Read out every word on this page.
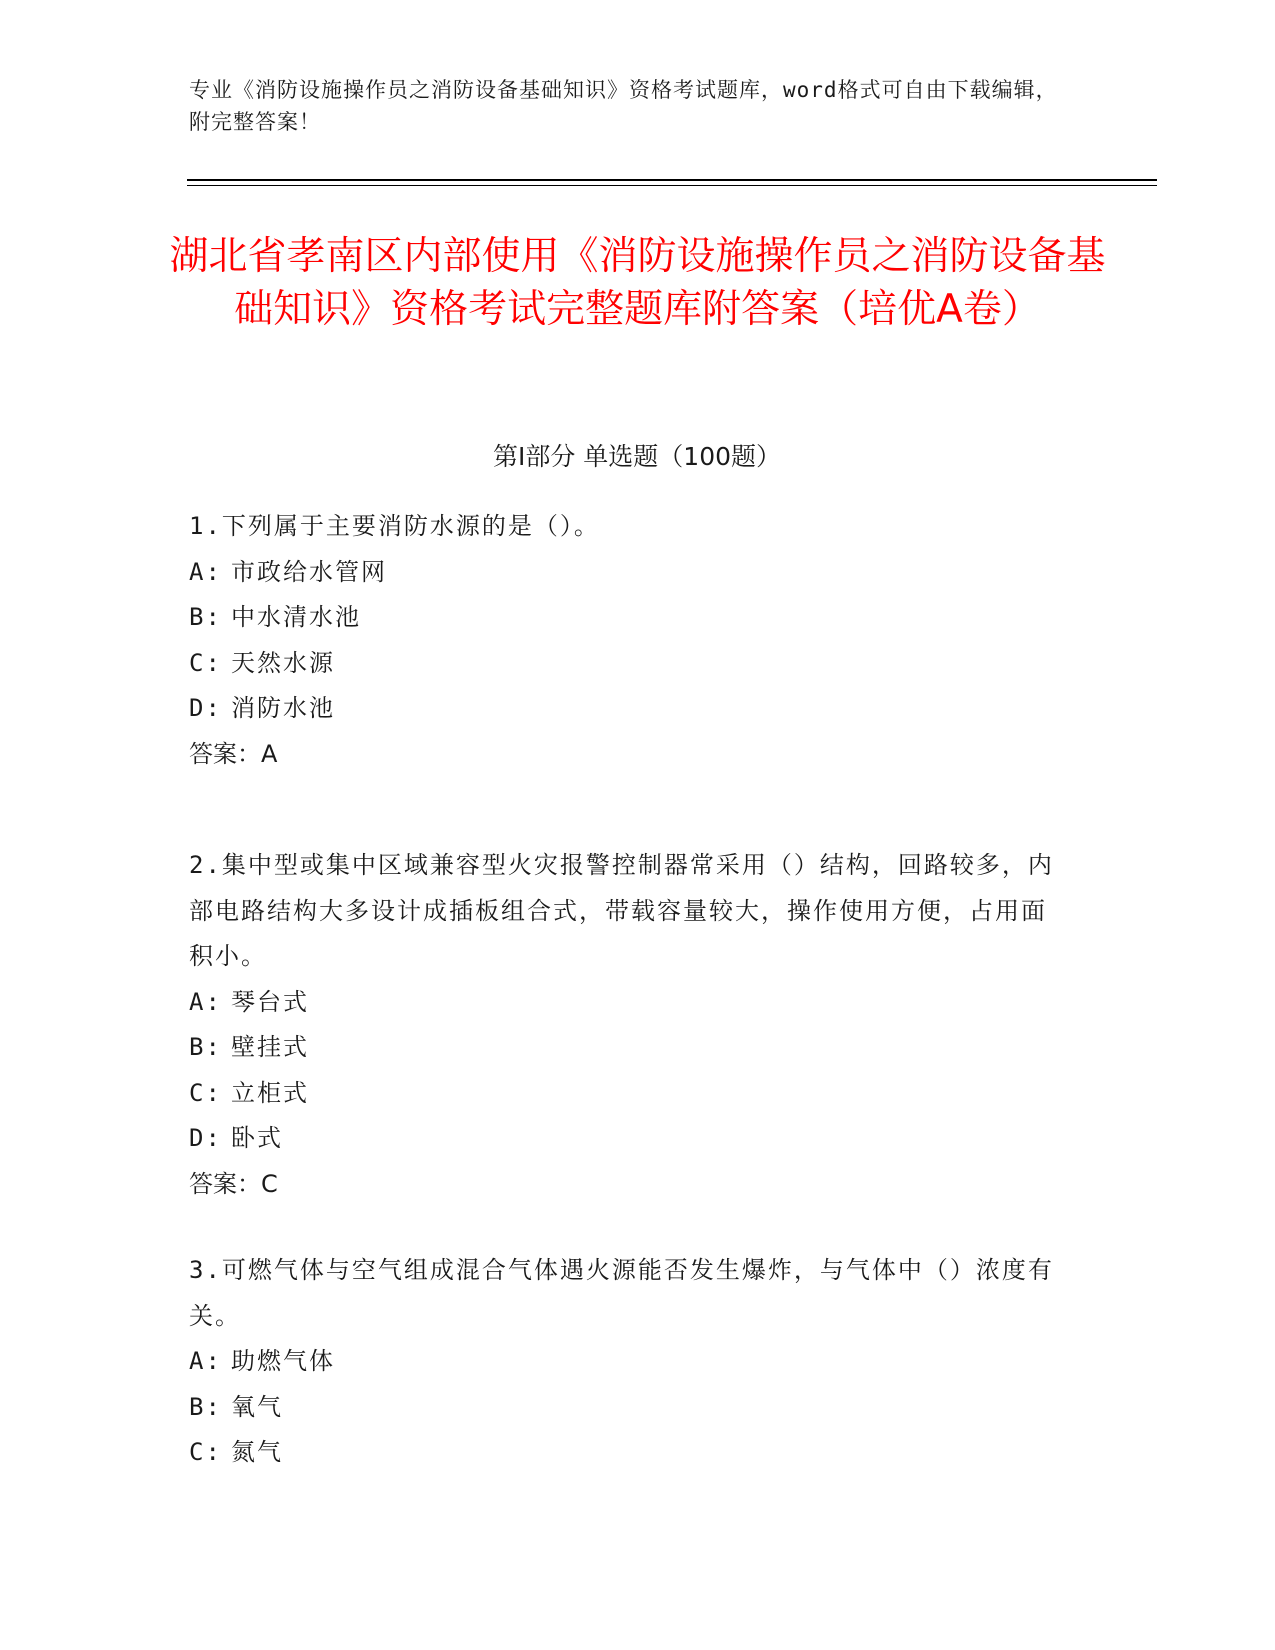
专业《消防设施操作员之消防设备基础知识》资格考试题库，word格式可自由下载编辑，附完整答案！
湖北省孝南区内部使用《消防设施操作员之消防设备基础知识》资格考试完整题库附答案（培优A卷）
第I部分 单选题（100题）
1.下列属于主要消防水源的是（）。
A: 市政给水管网
B: 中水清水池
C: 天然水源
D: 消防水池
答案：A
2.集中型或集中区域兼容型火灾报警控制器常采用（）结构，回路较多，内部电路结构大多设计成插板组合式，带载容量较大，操作使用方便，占用面积小。
A: 琴台式
B: 壁挂式
C: 立柜式
D: 卧式
答案：C
3.可燃气体与空气组成混合气体遇火源能否发生爆炸，与气体中（）浓度有关。
A: 助燃气体
B: 氧气
C: 氮气
